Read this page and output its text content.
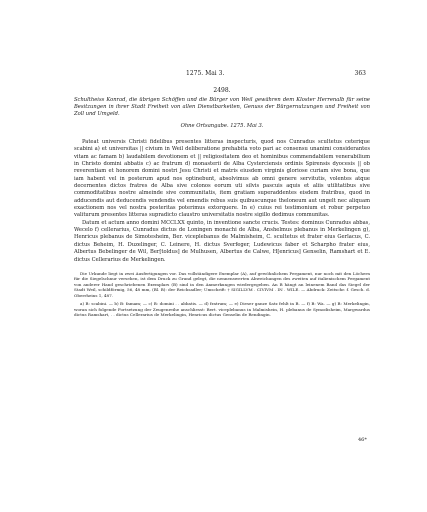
1275. Mai 3.	363
2498.
Schultheiss Konrad, die übrigen Schöffen und die Bürger von Weil gewähren dem Kloster Herrenalb für seine Besitzungen in ihrer Stadt Freiheit von allen Dienstbarkeiten, Genuss der Bürgernutzungen und Freiheit von Zoll und Umgeld.
Ohne Ortsangabe. 1275. Mai 3.

Pateat universis Christi fidelibus presentes litteras inspecturis, quod nos Cunradus scultetus ceterique scabini a) et universitas || civium in Weil deliberatione prehabita voto pari ac consensu unanimi considerantes vitam ac famam b) laudabilem devotionem et || religiositatem deo et hominibus commendabilem venerabilium in Christo domini abbatis c) ac fratrum d) monasterii de Alba Cysterciensis ordinis Spirensis dyocesis || ob reverentiam et honorem domini nostri Jesu Christi et matris eiusdem virginis gloriose curiam sive bona, que iam habent vel in posterum apud nos optinebunt, absolvimus ab omni genere servitutis, volentes atque decernentes dictos fratres de Alba sive colonos eorum uti silvis pascuis aquis et aliis utilitatibus sive commoditatibus nostre almeinde sive communitatis, item gratiam superaddentes eisdem fratribus, quod in adducendis aut deducendis vendendis vel emendis rebus suis quibuscunque theloneum aut ungelt nec aliquam exactionem nos vel nostra posteritas poterimus extorquere. In e) cuius rei testimonium et robur perpetuo valiturum presentes litteras supradicto claustro universitatis nostre sigillo dedimus communitas.

Datum et actum anno domini MCCLXX quinto, in inventione sancte crucis. Testes: dominus Cunradus abbas, Wecelo f) cellerarius, Cunradus dictus de Loningen monachi de Alba, Anshelmus plebanus in Merkelingen g), Henricus plebanus de Simotesheim, Ber. viceplebanus de Malmisheim, C. scultetus et frater eius Gerlacus, C. dictus Beheim, H. Duzelinger, C. Leinere, H. dictus Sverfeger, Ludewicus faber et Scharpho frater eius, Albertus Bebelinger de Wil, Ber[toldus] de Mulhusen, Albertus de Calwe, H[enricus] Genselin, Ramshart et E. dictus Cellerarius de Merkelingen.

Die Urkunde liegt in zwei Ausfertigungen vor. Das vollständigere Exemplar (A), auf gewöhnlichem Pergament, nur noch mit den Löchern für die Siegelschnur versehen, ist dem Druck zu Grund gelegt, die nennenswerten Abweichungen des zweiten auf italienischem Pergament von anderer Hand geschriebenen Exemplars (B) sind in den Anmerkungen wiedergegeben. An B hängt an leinenem Band das Siegel der Stadt Weil, schildförmig, 56, 48 mm, (Bl. B): der Reichsadler; Umschrift: † SIGILLVM . CIVIVM . IN . WILE. — Abdruck: Zeitschr. f. Gesch. d. Oberrheins 1, 487.

a) B: scabini. — b) B: famam; — c) B: domini . . abbatis. — d) fratrum; — e) Dieser ganze Satz fehlt in B. — f) B: Wa. — g) B: Merkelingin, woran sich folgende Fortsetzung der Zeugenreihe anschliesst: Bert. viceplebanus in Malmishein, H. plebanus de Symodisheim, Margwardus dictus Ramshart, . . dictus Cellerarius de Merkelingin, Henricus dictus Genselin de Rendingin.

46*
